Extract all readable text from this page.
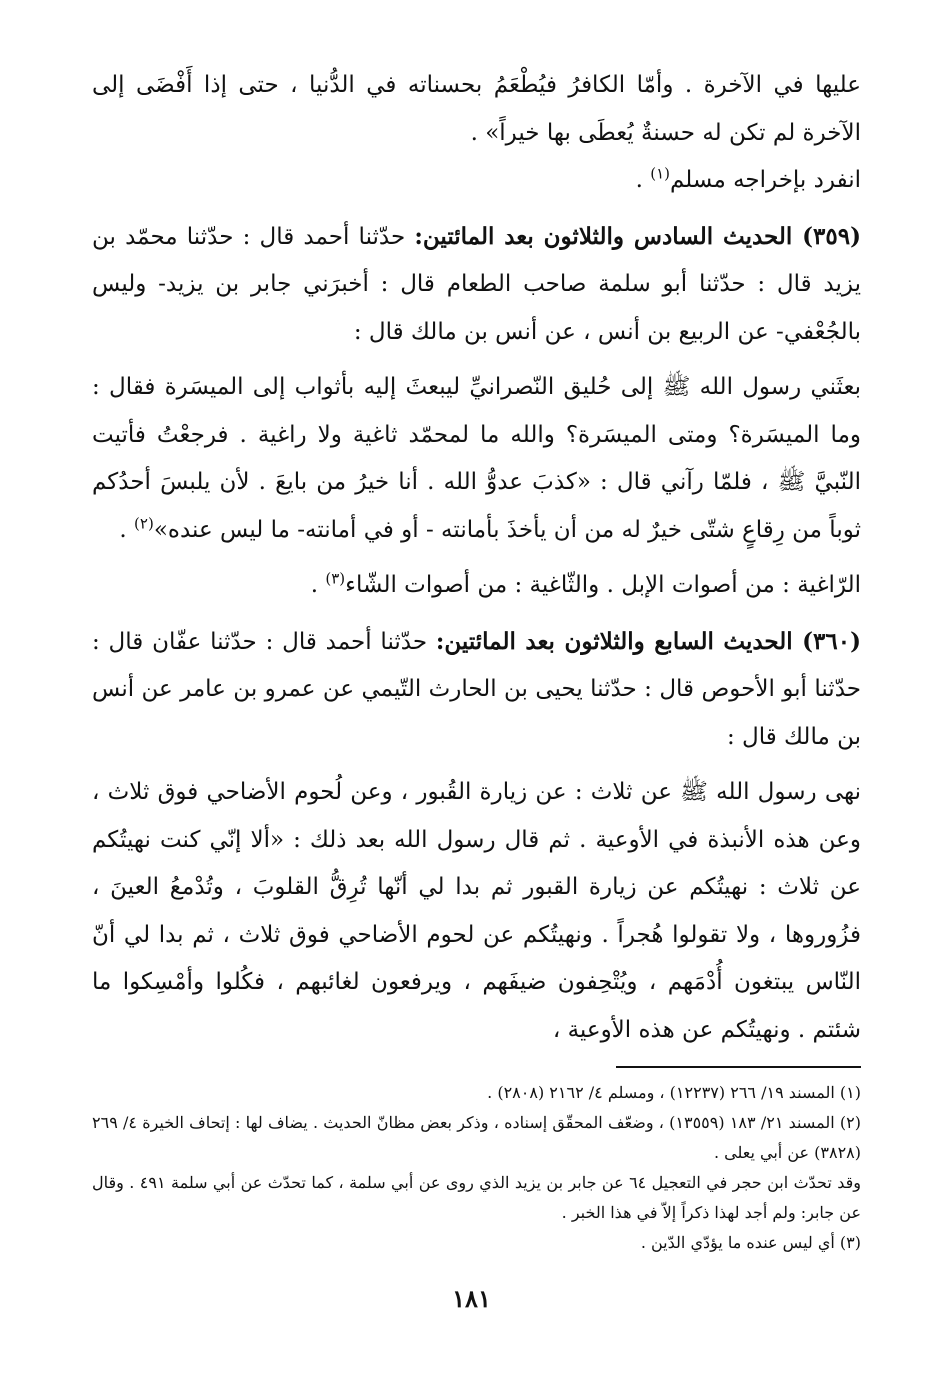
عليها في الآخرة . وأمّا الكافرُ فيُطْعَمُ بحسناته في الدُّنيا ، حتى إذا أَفْضَى إلى الآخرة لم تكن له حسنةٌ يُعطَى بها خيراً» .

انفرد بإخراجه مسلم$^{(١)}$ .

(٣٥٩) الحديث السادس والثلاثون بعد المائتين: حدّثنا أحمد قال : حدّثنا محمّد بن يزيد قال : حدّثنا أبو سلمة صاحب الطعام قال : أخبرَني جابر بن يزيد- وليس بالجُعْفي- عن الربيع بن أنس ، عن أنس بن مالك قال :

بعثَني رسول الله ﷺ إلى حُليق النّصرانيِّ ليبعثَ إليه بأثواب إلى الميسَرة فقال : وما الميسَرة؟ ومتى الميسَرة؟ والله ما لمحمّد ثاغية ولا راغية . فرجعْتُ فأتيت النّبيَّ ﷺ ، فلمّا رآني قال : «كذبَ عدوُّ الله . أنا خيرُ من بايعَ . لأن يلبسَ أحدُكم ثوباً من رِقاعٍ شتّى خيرٌ له من أن يأخذَ بأمانته - أو في أمانته- ما ليس عنده»$^{(٢)}$ .

الرّاغية : من أصوات الإبل . والثّاغية : من أصوات الشّاء$^{(٣)}$ .

(٣٦٠) الحديث السابع والثلاثون بعد المائتين: حدّثنا أحمد قال : حدّثنا عفّان قال : حدّثنا أبو الأحوص قال : حدّثنا يحيى بن الحارث التّيمي عن عمرو بن عامر عن أنس بن مالك قال :

نهى رسول الله ﷺ عن ثلاث : عن زيارة القُبور ، وعن لُحوم الأضاحي فوق ثلاث ، وعن هذه الأنبذة في الأوعية . ثم قال رسول الله بعد ذلك : «ألا إنّي كنت نهيتُكم عن ثلاث : نهيتُكم عن زيارة القبور ثم بدا لي أنّها تُرِقُّ القلوبَ ، وتُدْمعُ العينَ ، فزُوروها ، ولا تقولوا هُجراً . ونهيتُكم عن لحوم الأضاحي فوق ثلاث ، ثم بدا لي أنّ النّاس يبتغون أُدْمَهم ، ويُتْحِفون ضيفَهم ، ويرفعون لغائبهم ، فكُلوا وأمْسِكوا ما شئتم . ونهيتُكم عن هذه الأوعية ،

(١) المسند ١٩/ ٢٦٦ (١٢٢٣٧) ، ومسلم ٤/ ٢١٦٢ (٢٨٠٨) .

(٢) المسند ٢١/ ١٨٣ (١٣٥٥٩) ، وضعّف المحقّق إسناده ، وذكر بعض مظانّ الحديث . يضاف لها : إتحاف الخيرة ٤/ ٢٦٩ (٣٨٢٨) عن أبي يعلى .

وقد تحدّث ابن حجر في التعجيل ٦٤ عن جابر بن يزيد الذي روى عن أبي سلمة ، كما تحدّث عن أبي سلمة ٤٩١ . وقال عن جابر: ولم أجد لهذا ذكراً إلاّ في هذا الخبر .

(٣) أي ليس عنده ما يؤدّي الدّين .

١٨١
